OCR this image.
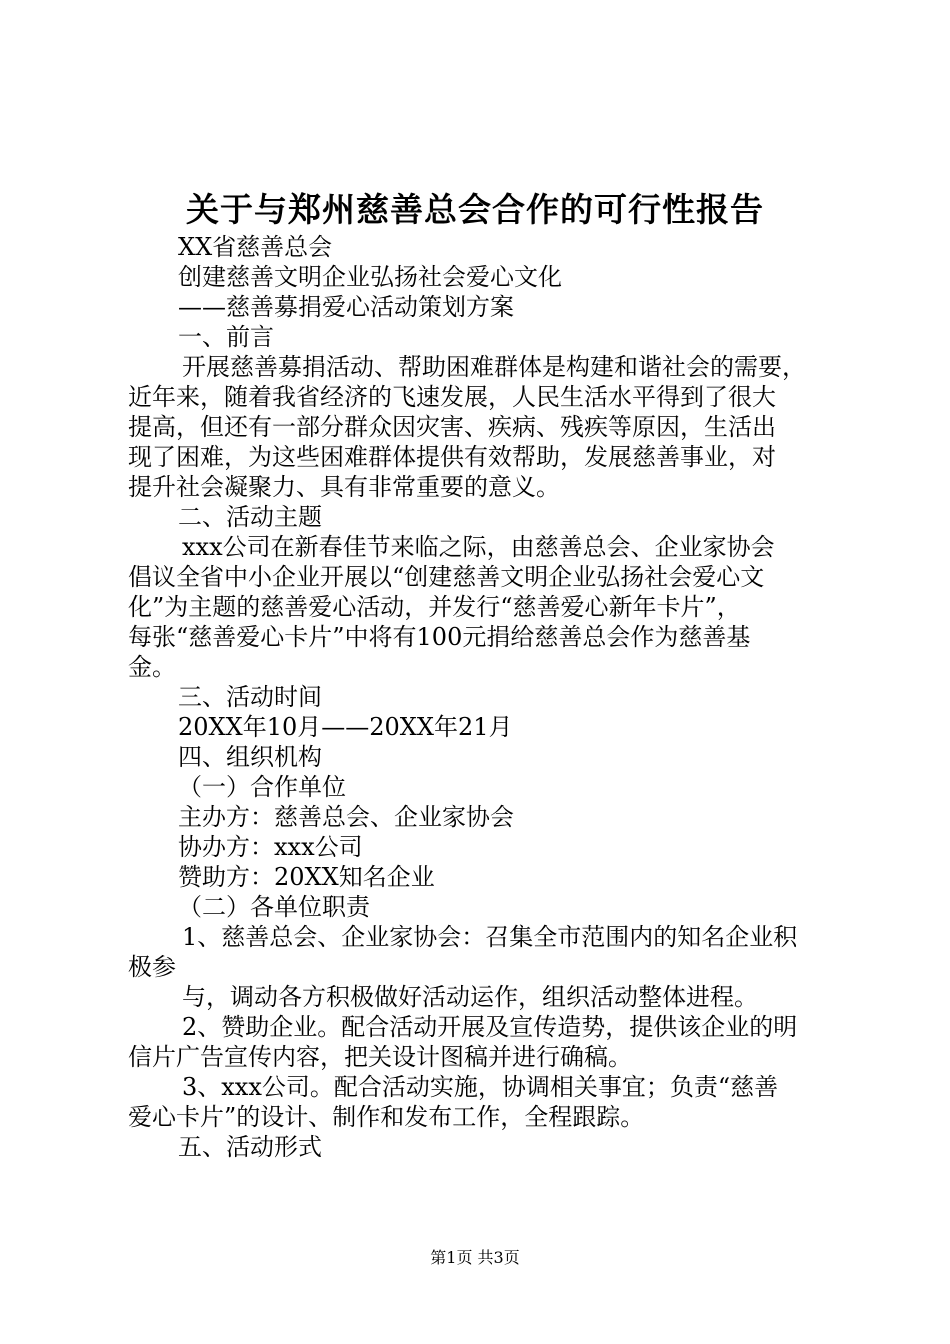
关于与郑州慈善总会合作的可行性报告
XX省慈善总会
创建慈善文明企业弘扬社会爱心文化
——慈善募捐爱心活动策划方案
一、前言
开展慈善募捐活动、帮助困难群体是构建和谐社会的需要，
近年来，随着我省经济的飞速发展，人民生活水平得到了很大
提高，但还有一部分群众因灾害、疾病、残疾等原因，生活出
现了困难，为这些困难群体提供有效帮助，发展慈善事业，对
提升社会凝聚力、具有非常重要的意义。
二、活动主题
xxx公司在新春佳节来临之际，由慈善总会、企业家协会
倡议全省中小企业开展以“创建慈善文明企业弘扬社会爱心文
化”为主题的慈善爱心活动，并发行“慈善爱心新年卡片”，
每张“慈善爱心卡片”中将有100元捐给慈善总会作为慈善基
金。
三、活动时间
20XX年10月——20XX年21月
四、组织机构
（一）合作单位
主办方：慈善总会、企业家协会
协办方：xxx公司
赞助方：20XX知名企业
（二）各单位职责
1、慈善总会、企业家协会：召集全市范围内的知名企业积
极参
与，调动各方积极做好活动运作，组织活动整体进程。
2、赞助企业。配合活动开展及宣传造势，提供该企业的明
信片广告宣传内容，把关设计图稿并进行确稿。
3、xxx公司。配合活动实施，协调相关事宜；负责“慈善
爱心卡片”的设计、制作和发布工作，全程跟踪。
五、活动形式
第1页 共3页
